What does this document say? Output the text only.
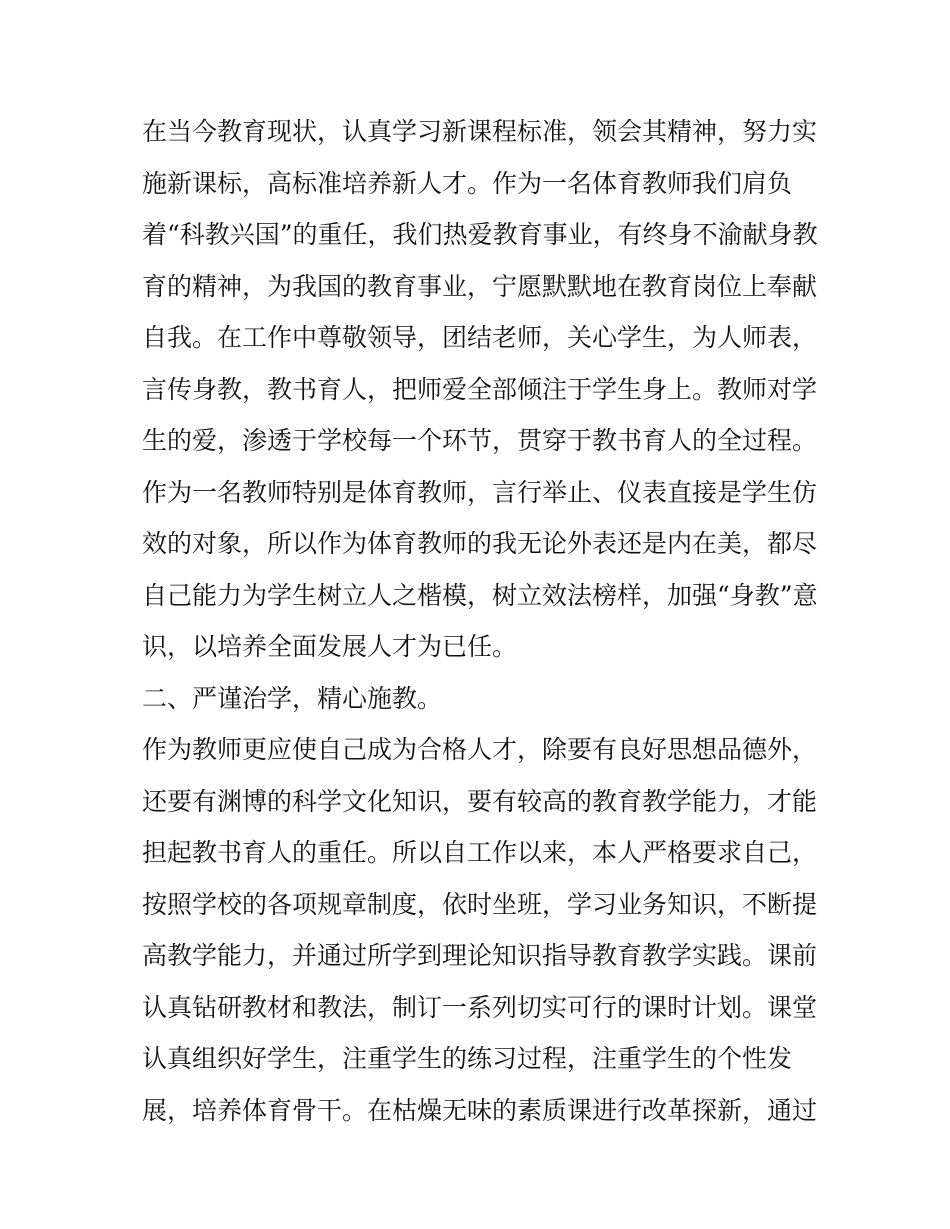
在当今教育现状，认真学习新课程标准，领会其精神，努力实
施新课标，高标准培养新人才。作为一名体育教师我们肩负
着“科教兴国”的重任，我们热爱教育事业，有终身不渝献身教
育的精神，为我国的教育事业，宁愿默默地在教育岗位上奉献
自我。在工作中尊敬领导，团结老师，关心学生，为人师表，
言传身教，教书育人，把师爱全部倾注于学生身上。教师对学
生的爱，渗透于学校每一个环节，贯穿于教书育人的全过程。
作为一名教师特别是体育教师，言行举止、仪表直接是学生仿
效的对象，所以作为体育教师的我无论外表还是内在美，都尽
自己能力为学生树立人之楷模，树立效法榜样，加强“身教”意
识，以培养全面发展人才为已任。
二、严谨治学，精心施教。
作为教师更应使自己成为合格人才，除要有良好思想品德外，
还要有渊博的科学文化知识，要有较高的教育教学能力，才能
担起教书育人的重任。所以自工作以来，本人严格要求自己，
按照学校的各项规章制度，依时坐班，学习业务知识，不断提
高教学能力，并通过所学到理论知识指导教育教学实践。课前
认真钻研教材和教法，制订一系列切实可行的课时计划。课堂
认真组织好学生，注重学生的练习过程，注重学生的个性发
展，培养体育骨干。在枯燥无味的素质课进行改革探新，通过
